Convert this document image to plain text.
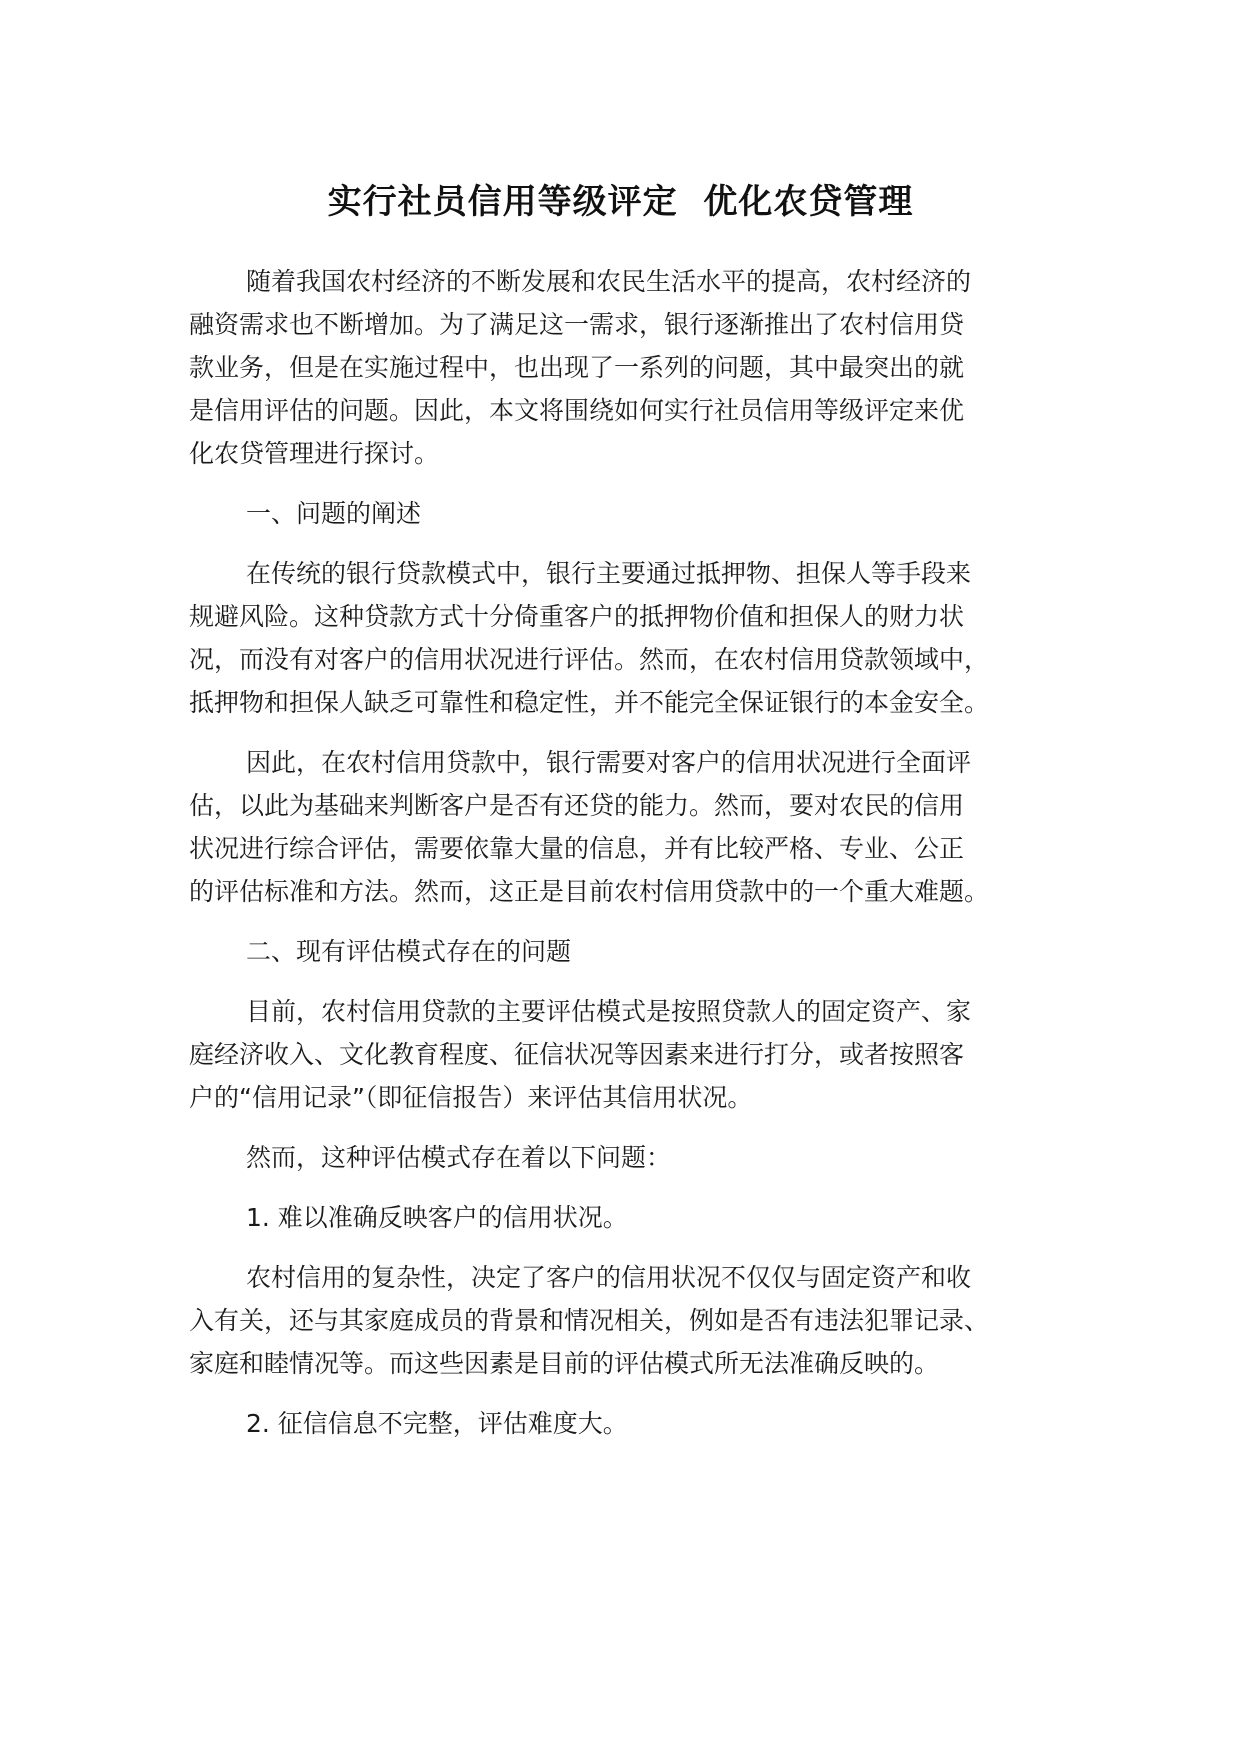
实行社员信用等级评定  优化农贷管理
随着我国农村经济的不断发展和农民生活水平的提高，农村经济的
融资需求也不断增加。为了满足这一需求，银行逐渐推出了农村信用贷
款业务，但是在实施过程中，也出现了一系列的问题，其中最突出的就
是信用评估的问题。因此，本文将围绕如何实行社员信用等级评定来优
化农贷管理进行探讨。
一、问题的阐述
在传统的银行贷款模式中，银行主要通过抵押物、担保人等手段来
规避风险。这种贷款方式十分倚重客户的抵押物价值和担保人的财力状
况，而没有对客户的信用状况进行评估。然而，在农村信用贷款领域中，
抵押物和担保人缺乏可靠性和稳定性，并不能完全保证银行的本金安全。
因此，在农村信用贷款中，银行需要对客户的信用状况进行全面评
估，以此为基础来判断客户是否有还贷的能力。然而，要对农民的信用
状况进行综合评估，需要依靠大量的信息，并有比较严格、专业、公正
的评估标准和方法。然而，这正是目前农村信用贷款中的一个重大难题。
二、现有评估模式存在的问题
目前，农村信用贷款的主要评估模式是按照贷款人的固定资产、家
庭经济收入、文化教育程度、征信状况等因素来进行打分，或者按照客
户的“信用记录”（即征信报告）来评估其信用状况。
然而，这种评估模式存在着以下问题：
1. 难以准确反映客户的信用状况。
农村信用的复杂性，决定了客户的信用状况不仅仅与固定资产和收
入有关，还与其家庭成员的背景和情况相关，例如是否有违法犯罪记录、
家庭和睦情况等。而这些因素是目前的评估模式所无法准确反映的。
2. 征信信息不完整，评估难度大。
